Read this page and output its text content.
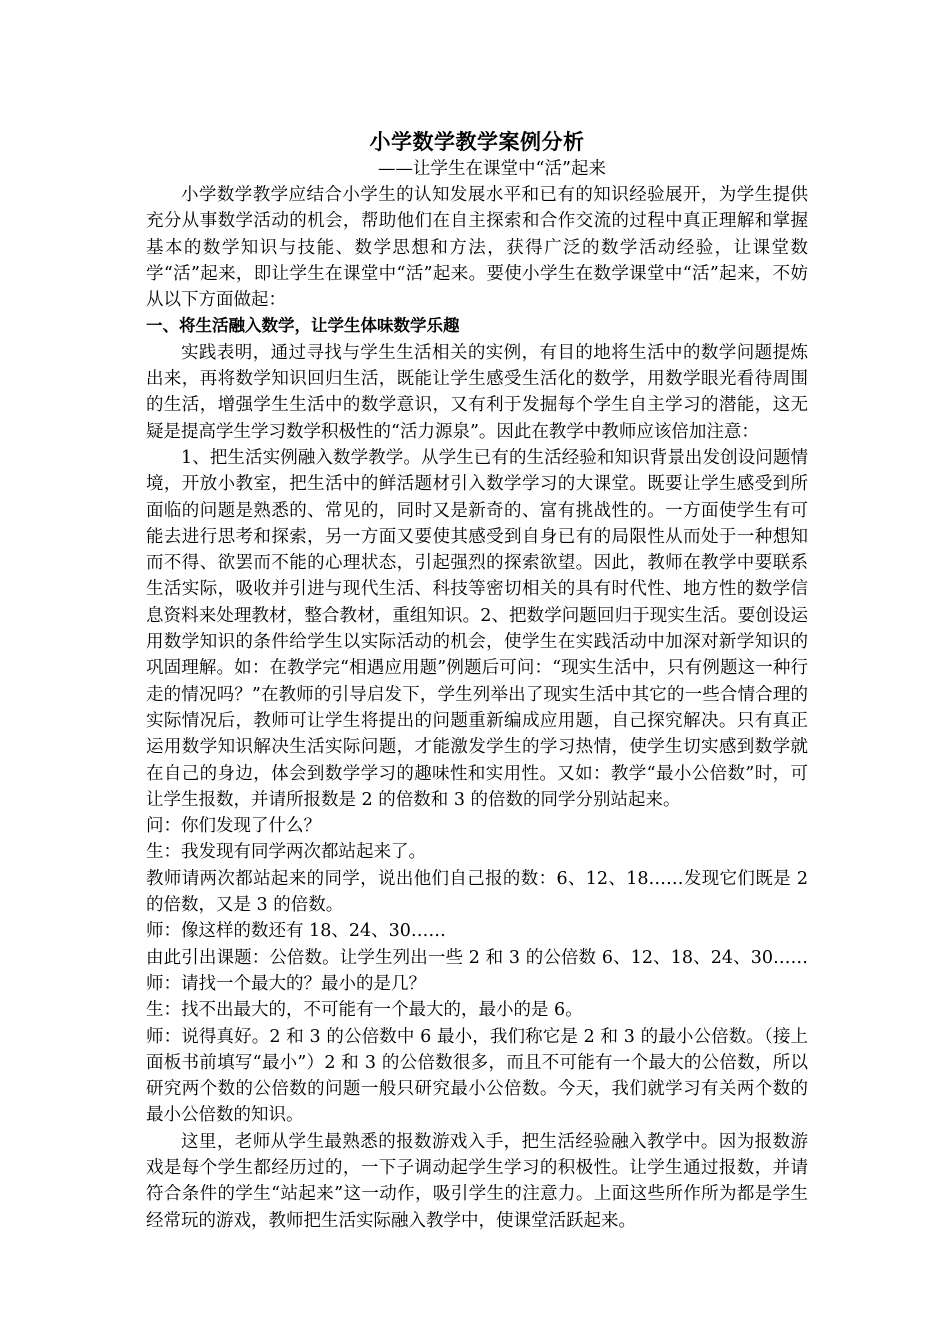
小学数学教学案例分析
——让学生在课堂中“活”起来

小学数学教学应结合小学生的认知发展水平和已有的知识经验展开，为学生提供充分从事数学活动的机会，帮助他们在自主探索和合作交流的过程中真正理解和掌握基本的数学知识与技能、数学思想和方法，获得广泛的数学活动经验，让课堂数学“活”起来，即让学生在课堂中“活”起来。要使小学生在数学课堂中“活”起来，不妨从以下方面做起：

一、将生活融入数学，让学生体味数学乐趣

实践表明，通过寻找与学生生活相关的实例，有目的地将生活中的数学问题提炼出来，再将数学知识回归生活，既能让学生感受生活化的数学，用数学眼光看待周围的生活，增强学生生活中的数学意识，又有利于发掘每个学生自主学习的潜能，这无疑是提高学生学习数学积极性的“活力源泉”。因此在教学中教师应该倍加注意：

1、把生活实例融入数学教学。从学生已有的生活经验和知识背景出发创设问题情境，开放小教室，把生活中的鲜活题材引入数学学习的大课堂。既要让学生感受到所面临的问题是熟悉的、常见的，同时又是新奇的、富有挑战性的。一方面使学生有可能去进行思考和探索，另一方面又要使其感受到自身已有的局限性从而处于一种想知而不得、欲罢而不能的心理状态，引起强烈的探索欲望。因此，教师在教学中要联系生活实际，吸收并引进与现代生活、科技等密切相关的具有时代性、地方性的数学信息资料来处理教材，整合教材，重组知识。2、把数学问题回归于现实生活。要创设运用数学知识的条件给学生以实际活动的机会，使学生在实践活动中加深对新学知识的巩固理解。如：在教学完“相遇应用题”例题后可问：“现实生活中，只有例题这一种行走的情况吗？”在教师的引导启发下，学生列举出了现实生活中其它的一些合情合理的实际情况后，教师可让学生将提出的问题重新编成应用题，自己探究解决。只有真正运用数学知识解决生活实际问题，才能激发学生的学习热情，使学生切实感到数学就在自己的身边，体会到数学学习的趣味性和实用性。又如：教学“最小公倍数”时，可让学生报数，并请所报数是 2 的倍数和 3 的倍数的同学分别站起来。

问：你们发现了什么？

生：我发现有同学两次都站起来了。

教师请两次都站起来的同学，说出他们自己报的数：6、12、18……发现它们既是 2 的倍数，又是 3 的倍数。

师：像这样的数还有 18、24、30……

由此引出课题：公倍数。让学生列出一些 2 和 3 的公倍数 6、12、18、24、30……师：请找一个最大的？最小的是几？

生：找不出最大的，不可能有一个最大的，最小的是 6。

师：说得真好。2 和 3 的公倍数中 6 最小，我们称它是 2 和 3 的最小公倍数。（接上面板书前填写“最小”）2 和 3 的公倍数很多，而且不可能有一个最大的公倍数，所以研究两个数的公倍数的问题一般只研究最小公倍数。今天，我们就学习有关两个数的最小公倍数的知识。

这里，老师从学生最熟悉的报数游戏入手，把生活经验融入教学中。因为报数游戏是每个学生都经历过的，一下子调动起学生学习的积极性。让学生通过报数，并请符合条件的学生“站起来”这一动作，吸引学生的注意力。上面这些所作所为都是学生经常玩的游戏，教师把生活实际融入教学中，使课堂活跃起来。
